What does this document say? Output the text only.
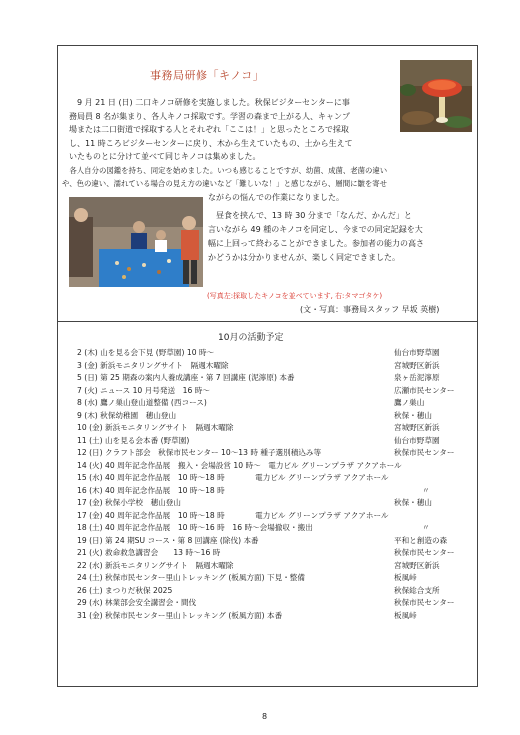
事務局研修「キノコ」
　9 月 21 日 (日) 二口キノコ研修を実施しました。秋保ビジターセンターに事
務局員 8 名が集まり、各人キノコ採取です。学習の森まで上がる人、キャンプ
場または二口街道で採取する人とそれぞれ「ここは！」と思ったところで採取
し、11 時ころビジターセンターに戻り、木から生えていたもの、土から生えて
いたものとに分けて並べて同じキノコは集めました。
　各人自分の図鑑を持ち、同定を始めました。いつも感じることですが、幼菌、成菌、老菌の違い
や、色の違い、濡れている場合の見え方の違いなど「難しいな！」と感じながら、層間に皺を寄せ
ながらの悩んでの作業になりました。
　昼食を挟んで、13 時 30 分まで「なんだ、かんだ」と
言いながら 49 種のキノコを同定し、今までの同定記録を大
幅に上回って終わることができました。参加者の能力の高さ
かどうかは分かりませんが、楽しく同定できました。
(写真左:採取したキノコを並べています, 右:タマゴタケ)
(文・写真：事務局スタッフ 早坂 英樹)
10月の活動予定
2 (木) 山を見る会下見 (野草園) 10 時～	仙台市野草園
3 (金) 新浜モニタリングサイト　隔週木曜除	宮城野区新浜
5 (日) 第 25 期森の案内人養成講座・第 7 回講座 (泥濘原) 本番	泉ヶ岳泥濘原
7 (火) ニュース 10 月号発送　16 時～	広瀬市民センター
8 (水) 鷹ノ巣山登山道整備 (西コース)	鷹ノ巣山
9 (木) 秋保幼稚園　穂山登山	秋保・穂山
10 (金) 新浜モニタリングサイト　隔週木曜除	宮城野区新浜
11 (土) 山を見る会本番 (野草園)	仙台市野草園
12 (日) クラフト部会　秋保市民センター 10～13 時 種子選別積込み等	秋保市民センター
14 (火) 40 周年記念作品展　搬入・会場設営 10 時～　電力ビル グリーンプラザ アクアホール
15 (水) 40 周年記念作品展　10 時～18 時　　　　電力ビル グリーンプラザ アクアホール
16 (木) 40 周年記念作品展　10 時～18 時	〃
17 (金) 秋保小学校　穂山登山	秋保・穂山
17 (金) 40 周年記念作品展　10 時～18 時　　　　電力ビル グリーンプラザ アクアホール
18 (土) 40 周年記念作品展　10 時～16 時　16 時～会場撤収・搬出	〃
19 (日) 第 24 期SU コース・第 8 回講座 (除伐) 本番	平和と創造の森
21 (火) 救命救急講習会　　13 時～16 時	秋保市民センター
22 (水) 新浜モニタリングサイト　隔週木曜除	宮城野区新浜
24 (土) 秋保市民センター里山トレッキング (板風方面) 下見・整備	板風峠
26 (土) まつりだ秋保 2025	秋保総合支所
29 (水) 林業部会安全講習会・間伐	秋保市民センター
31 (金) 秋保市民センター里山トレッキング (板風方面) 本番	板風峠
8
